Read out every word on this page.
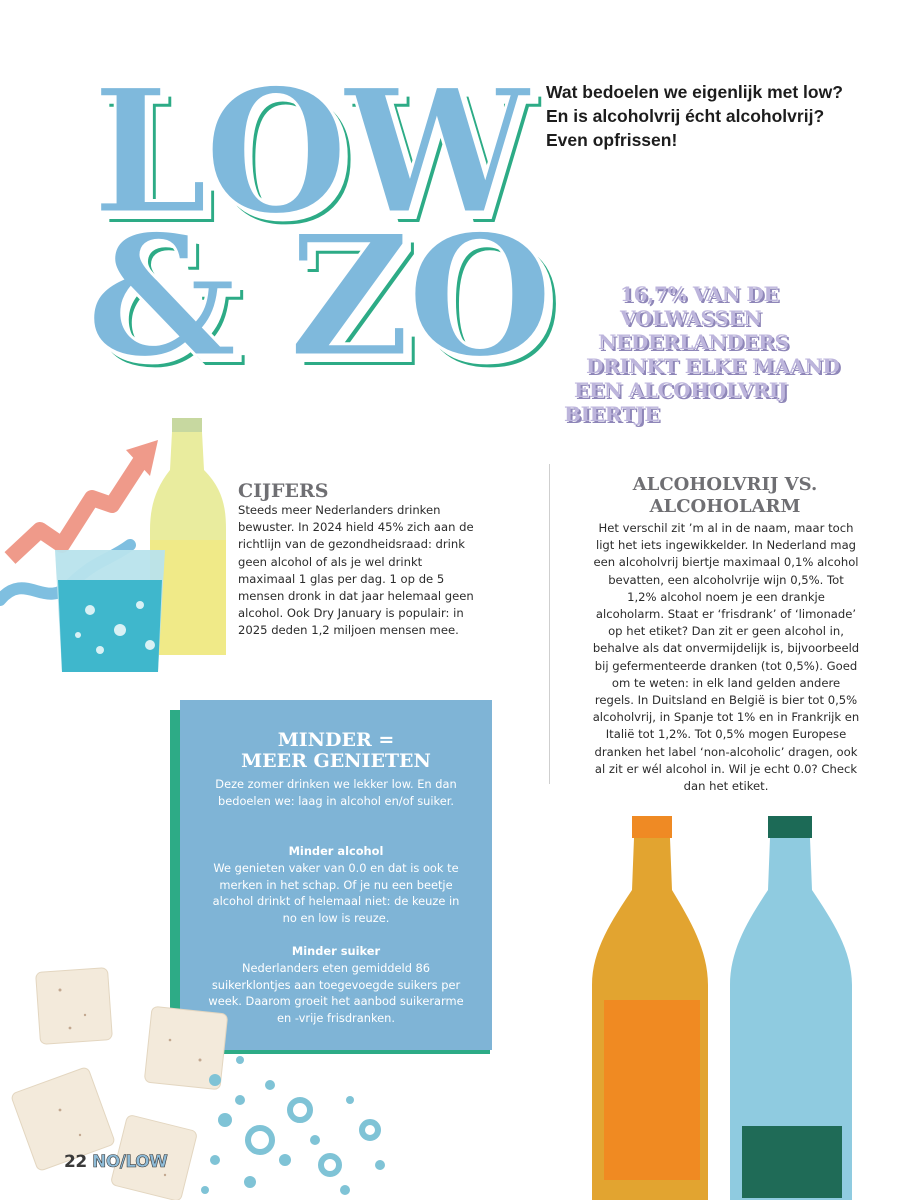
LOW
& ZO

Wat bedoelen we eigenlijk met low? En is alcoholvrij écht alcoholvrij? Even opfrissen!

16,7% VAN DE
VOLWASSEN
NEDERLANDERS
DRINKT ELKE MAAND
EEN ALCOHOLVRIJ
BIERTJE
CIJFERS

Steeds meer Nederlanders drinken bewuster. In 2024 hield 45% zich aan de richtlijn van de gezondheidsraad: drink geen alcohol of als je wel drinkt maximaal 1 glas per dag. 1 op de 5 mensen dronk in dat jaar helemaal geen alcohol. Ook Dry January is populair: in 2025 deden 1,2 miljoen mensen mee.

ALCOHOLVRIJ VS.
ALCOHOLARM

Het verschil zit ’m al in de naam, maar toch ligt het iets ingewikkelder. In Nederland mag een alcoholvrij biertje maximaal 0,1% alcohol bevatten, een alcoholvrije wijn 0,5%. Tot 1,2% alcohol noem je een drankje alcoholarm. Staat er ‘frisdrank’ of ‘limonade’ op het etiket? Dan zit er geen alcohol in, behalve als dat onvermijdelijk is, bijvoorbeeld bij gefermenteerde dranken (tot 0,5%). Goed om te weten: in elk land gelden andere regels. In Duitsland en België is bier tot 0,5% alcoholvrij, in Spanje tot 1% en in Frankrijk en Italië tot 1,2%. Tot 0,5% mogen Europese dranken het label ‘non-alcoholic’ dragen, ook al zit er wél alcohol in. Wil je echt 0.0? Check dan het etiket.

MINDER =
MEER GENIETEN

Deze zomer drinken we lekker low. En dan bedoelen we: laag in alcohol en/of suiker.

Minder alcohol

We genieten vaker van 0.0 en dat is ook te merken in het schap. Of je nu een beetje alcohol drinkt of helemaal niet: de keuze in no en low is reuze.

Minder suiker

Nederlanders eten gemiddeld 86 suikerklontjes aan toegevoegde suikers per week. Daarom groeit het aanbod suikerarme en -vrije frisdranken.

22 NO/LOW
